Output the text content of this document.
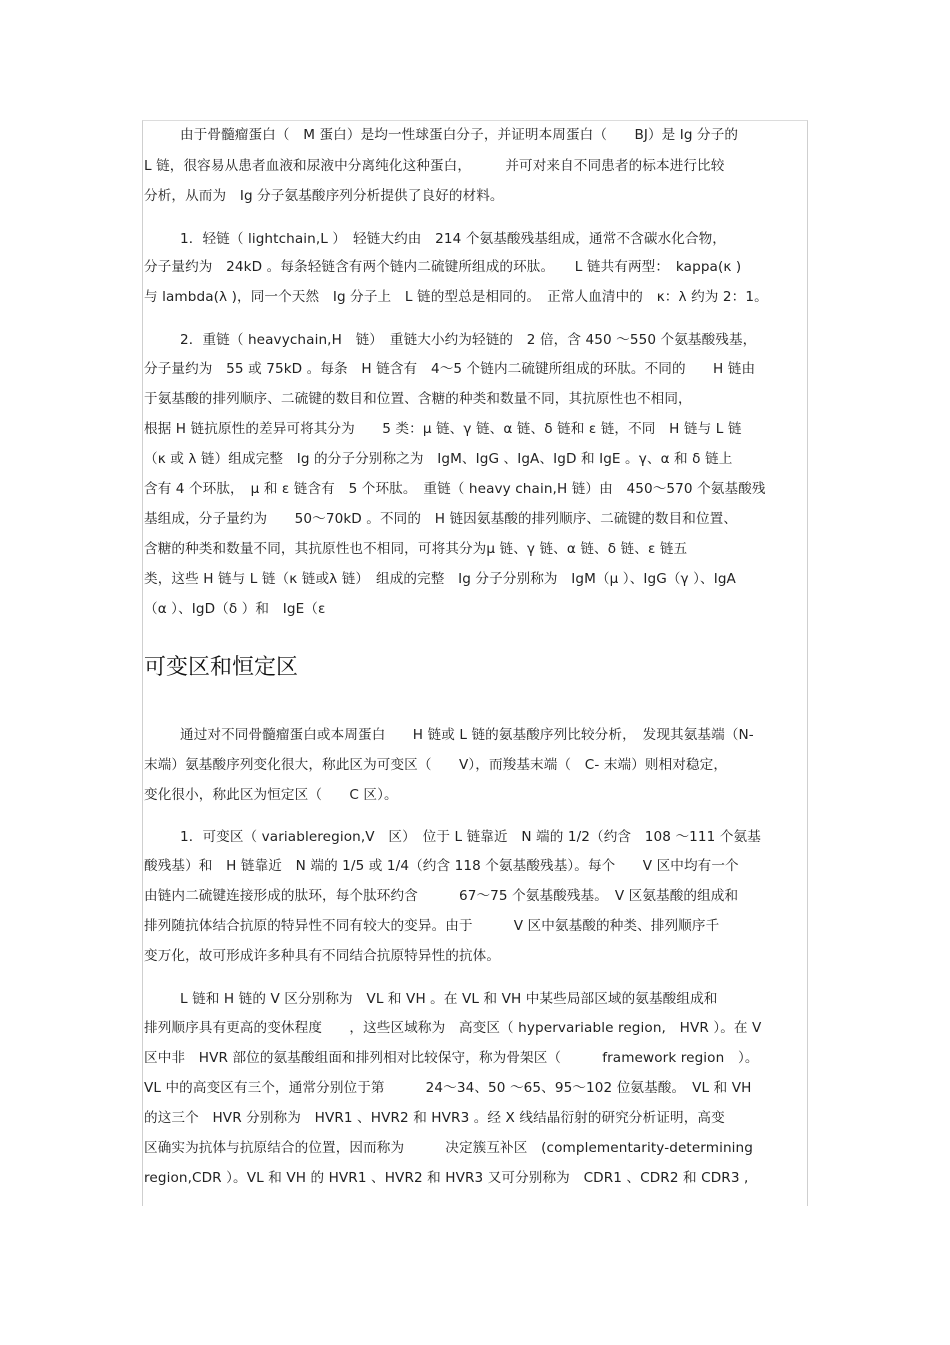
由于骨髓瘤蛋白（　M 蛋白）是均一性球蛋白分子，并证明本周蛋白（　　BJ）是 Ig 分子的
L 链，很容易从患者血液和尿液中分离纯化这种蛋白，　　　并可对来自不同患者的标本进行比较
分析，从而为　Ig 分子氨基酸序列分析提供了良好的材料。
1．轻链（ lightchain,L ）　轻链大约由　214 个氨基酸残基组成，通常不含碳水化合物，
分子量约为　24kD 。每条轻链含有两个链内二硫键所组成的环肽。　　L 链共有两型：　kappa(κ )
与 lambda(λ )，同一个天然　Ig 分子上　L 链的型总是相同的。　正常人血清中的　κ：λ 约为 2：1。
2．重链（ heavychain,H　链）　重链大小约为轻链的　2 倍，含 450 ～550 个氨基酸残基，
分子量约为　55 或 75kD 。每条　H 链含有　4～5 个链内二硫键所组成的环肽。不同的　　H 链由
于氨基酸的排列顺序、二硫键的数目和位置、含糖的种类和数量不同，其抗原性也不相同，
根据 H 链抗原性的差异可将其分为　　5 类：μ 链、γ 链、α 链、δ 链和 ε 链，不同　H 链与 L 链
（κ 或 λ 链）组成完整　Ig 的分子分别称之为　IgM、IgG 、IgA、IgD 和 IgE 。γ、α 和 δ 链上
含有 4 个环肽，　μ 和 ε 链含有　5 个环肽。　重链（ heavy chain,H 链）由　450～570 个氨基酸残
基组成，分子量约为　　50～70kD 。不同的　H 链因氨基酸的排列顺序、二硫键的数目和位置、
含糖的种类和数量不同，其抗原性也不相同，可将其分为μ 链、γ 链、α 链、δ 链、ε 链五
类，这些 H 链与 L 链（κ 链或λ 链）　组成的完整　Ig 分子分别称为　IgM（μ ）、IgG（γ ）、IgA
（α ）、IgD（δ ）和　IgE（ε
可变区和恒定区
通过对不同骨髓瘤蛋白或本周蛋白　　H 链或 L 链的氨基酸序列比较分析，　发现其氨基端（N-
末端）氨基酸序列变化很大，称此区为可变区（　　V），而羧基末端（　C- 末端）则相对稳定，
变化很小，称此区为恒定区（　　C 区）。
1．可变区（ variableregion,V　区）　位于 L 链靠近　N 端的 1/2（约含　108 ～111 个氨基
酸残基）和　H 链靠近　N 端的 1/5 或 1/4（约含 118 个氨基酸残基）。每个　　V 区中均有一个
由链内二硫键连接形成的肽环，每个肽环约含　　　67～75 个氨基酸残基。　V 区氨基酸的组成和
排列随抗体结合抗原的特异性不同有较大的变异。由于　　　V 区中氨基酸的种类、排列顺序千
变万化，故可形成许多种具有不同结合抗原特异性的抗体。
L 链和 H 链的 V 区分别称为　VL 和 VH 。在 VL 和 VH 中某些局部区域的氨基酸组成和
排列顺序具有更高的变休程度　　，这些区域称为　高变区（ hypervariable region,　HVR ）。在 V
区中非　HVR 部位的氨基酸组面和排列相对比较保守，称为骨架区（　　　framework region　）。
VL 中的高变区有三个，通常分别位于第　　　24～34、50 ～65、95～102 位氨基酸。　VL 和 VH
的这三个　HVR 分别称为　HVR1 、HVR2 和 HVR3 。经 X 线结晶衍射的研究分析证明，高变
区确实为抗体与抗原结合的位置，因而称为　　　决定簇互补区　(complementarity-determining
region,CDR ）。VL 和 VH 的 HVR1 、HVR2 和 HVR3 又可分别称为　CDR1 、CDR2 和 CDR3 ,
